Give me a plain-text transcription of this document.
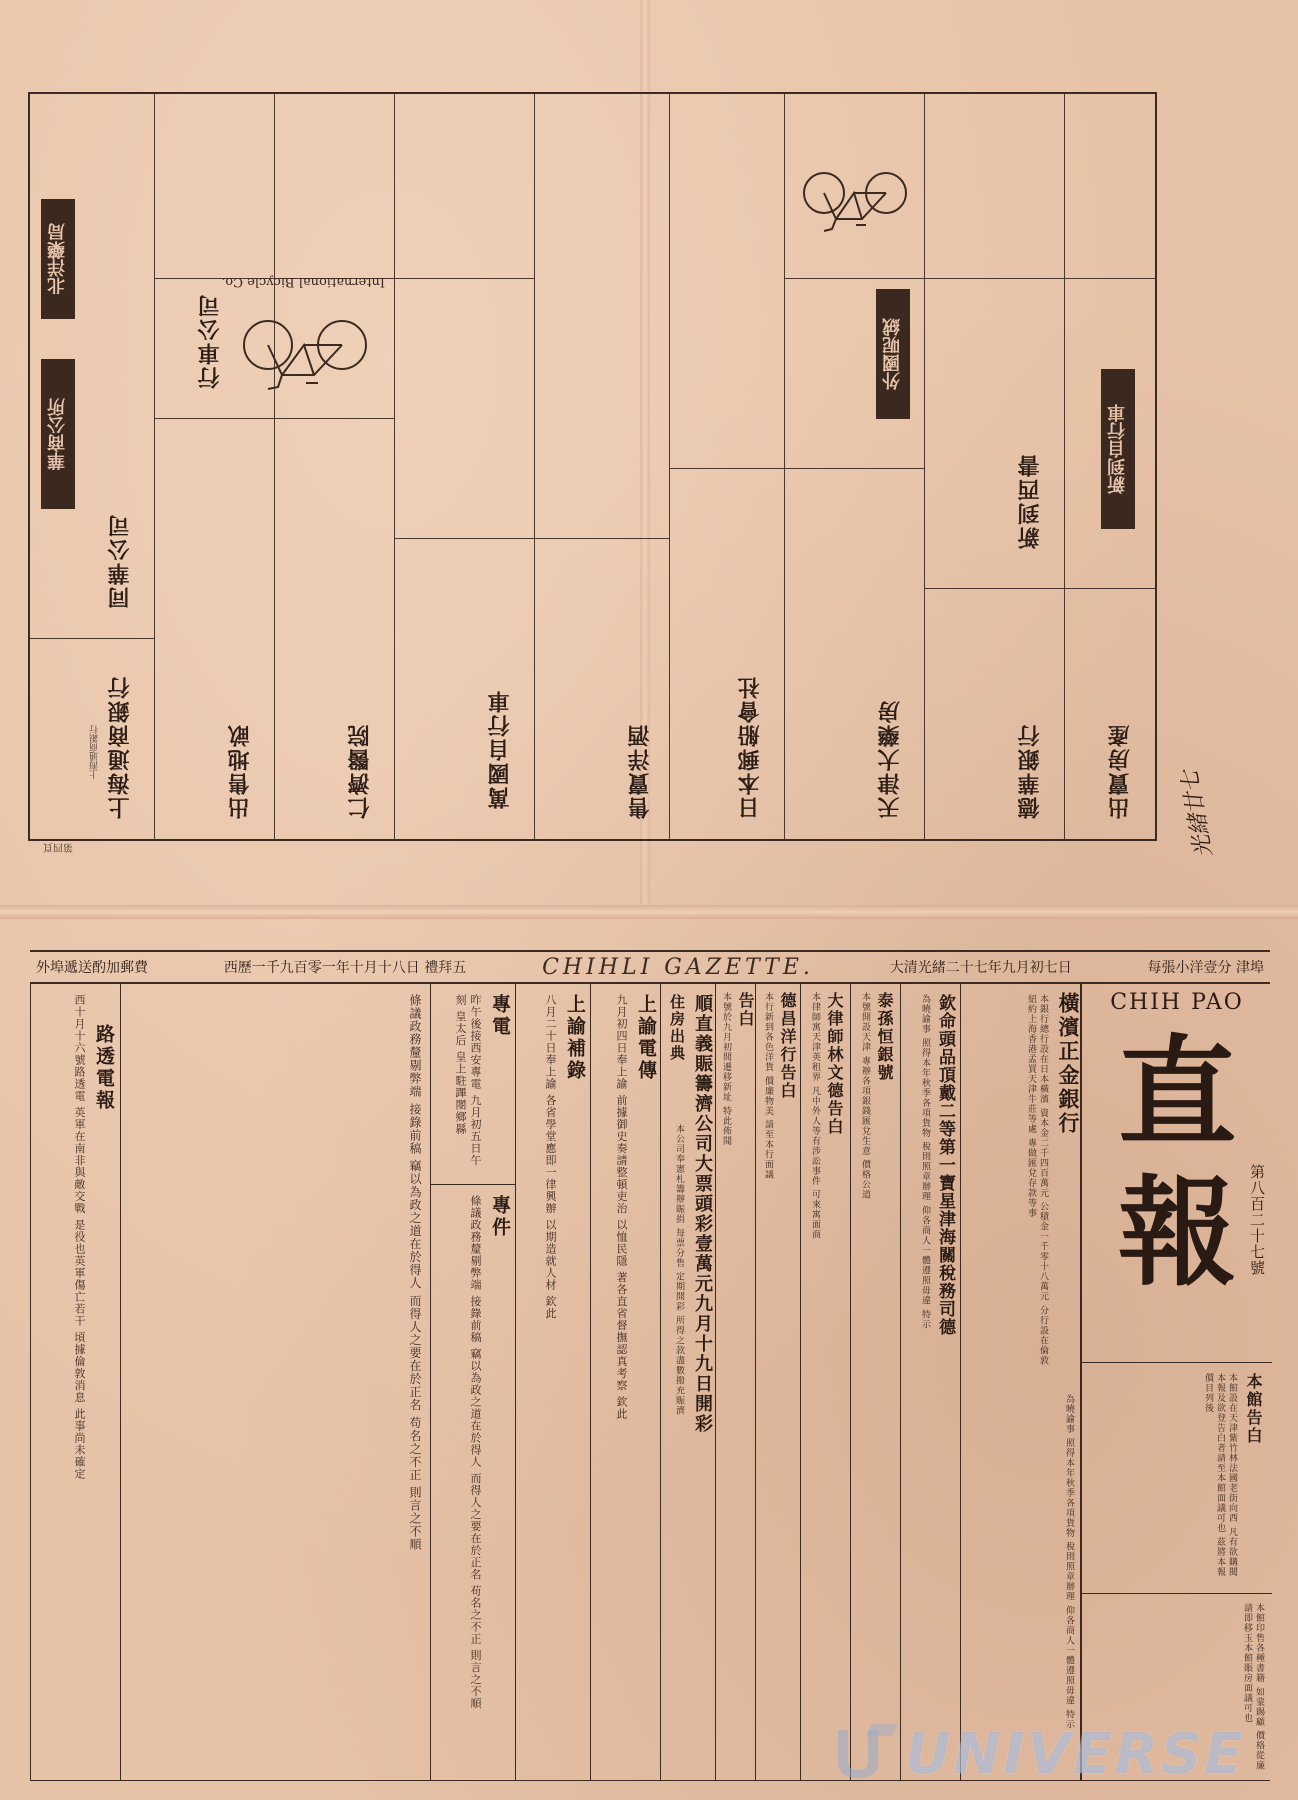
上海通商銀行
同華公司
出售地畝	仁濟醫院	萬國自行車	售賣洋酒	日本郵船會社	天津大藥房	德華銀行	出賣房產
新到西書
行車公司
新到自行車
外國呢絨
華商公所
北洋藥局	International Bicycle Co.
上海通商銀行
第四頁	光緒廿七
外埠遞送酌加郵費	西歷一千九百零一年十月十八日 禮拜五	CHIHLI GAZETTE.	大清光緒二十七年九月初七日	每張小洋壹分 津埠
CHIH PAO
直
報 第八百二十七號
本館告白
本館設在天津紫竹林法國老街向西 凡有欲購閱本報及欲登告白者請至本館面議可也 茲將本報價目列後
本館印售各種書籍 如蒙賜顧 價格從廉 請即移玉本館賬房面議可也
橫濱正金銀行
本銀行總行設在日本橫濱 資本金二千四百萬元 公積金一千零十八萬元 分行設在倫敦紐約上海香港孟買天津牛莊等處 專做匯兌存款等事
欽命頭品頂戴二等第一寶星津海關稅務司德
為曉諭事 照得本年秋季各項貨物 稅則照章辦理 仰各商人一體遵照毋違 特示
為曉諭事 照得本年秋季各項貨物 稅則照章辦理 仰各商人一體遵照毋違 特示
泰孫恒銀號
本號開設天津 專辦各項銀錢匯兌生意 價格公道
大律師林文德告白
本律師寓天津英租界 凡中外人等有涉訟事件 可來寓面商
德昌洋行告白
本行新到各色洋貨 價廉物美 請至本行面議
告白
本號於九月初間遷移新址 特此佈聞
順直義賑籌濟公司大票頭彩壹萬元九月十九日開彩
住房出典
本公司奉憲札籌辦賑捐 每票分售 定期開彩 所得之款盡數撥充賑濟
上諭電傳
九月初四日奉上諭 前據御史奏請整頓吏治 以恤民隱 著各直省督撫認真考察 欽此
上諭補錄
八月二十日奉上諭 各省學堂應即一律興辦 以期造就人材 欽此
專電
昨午後接西安專電 九月初五日午刻 皇太后 皇上駐蹕閿鄉縣
專件
條議政務釐剔弊端 接錄前稿 竊以為政之道在於得人 而得人之要在於正名 苟名之不正 則言之不順
條議政務釐剔弊端 接錄前稿 竊以為政之道在於得人 而得人之要在於正名 苟名之不正 則言之不順
路透電報
西十月十六號路透電 英軍在南非與敵交戰 是役也英軍傷亡若干 頃據倫敦消息 此事尚未確定
UNIVERSE
